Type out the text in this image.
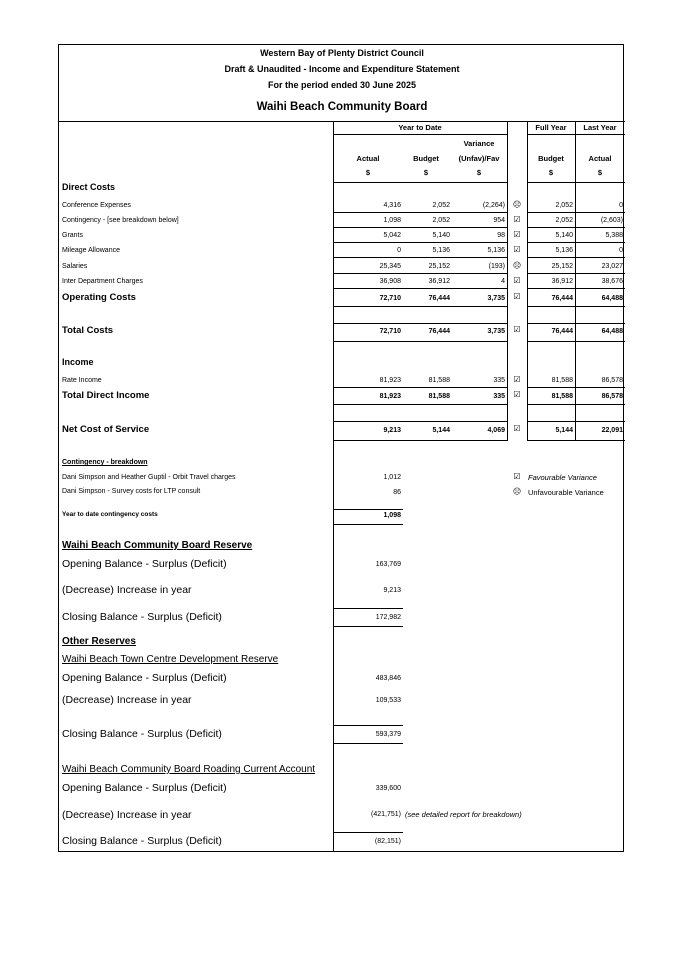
Western Bay of Plenty District Council
Draft & Unaudited - Income and Expenditure Statement
For the period ended 30 June 2025
Waihi Beach Community Board
Year to Date	Full Year	Last Year
Variance
Actual	Budget	(Unfav)/Fav	Budget	Actual
$	$	$	$	$
Direct Costs
Conference Expenses	4,316	2,052	(2,264) ☹	2,052	0
Contingency - [see breakdown below]	1,098	2,052	954	☑	2,052	(2,603)
Grants	5,042	5,140	98	☑	5,140	5,388
Mileage Allowance	0	5,136	5,136	☑	5,136	0
Salaries	25,345	25,152	(193) ☹	25,152	23,027
Inter Department Charges	36,908	36,912	4	☑	36,912	38,676
Operating Costs	72,710	76,444	3,735	☑	76,444	64,488
Total Costs	72,710	76,444	3,735	☑	76,444	64,488
Income
Rate Income	81,923	81,588	335	☑	81,588	86,578
Total Direct Income	81,923	81,588	335	☑	81,588	86,578
Net Cost of Service	9,213	5,144	4,069	☑	5,144	22,091
Contingency - breakdown
Dani Simpson and Heather Guptil - Orbit Travel charges	1,012
Dani Simpson - Survey costs for LTP consult	86
Year to date contingency costs	1,098
☑ Favourable Variance
☹ Unfavourable Variance
Waihi Beach Community Board Reserve
Opening Balance - Surplus (Deficit)	163,769
(Decrease) Increase in year	9,213
Closing Balance - Surplus (Deficit)	172,982
Other Reserves
Waihi Beach Town Centre Development Reserve
Opening Balance - Surplus (Deficit)	483,846
(Decrease) Increase in year	109,533
Closing Balance - Surplus (Deficit)	593,379
Waihi Beach Community Board Roading Current Account
Opening Balance - Surplus (Deficit)	339,600
(Decrease) Increase in year	(421,751) (see detailed report for breakdown)
Closing Balance - Surplus (Deficit)	(82,151)
